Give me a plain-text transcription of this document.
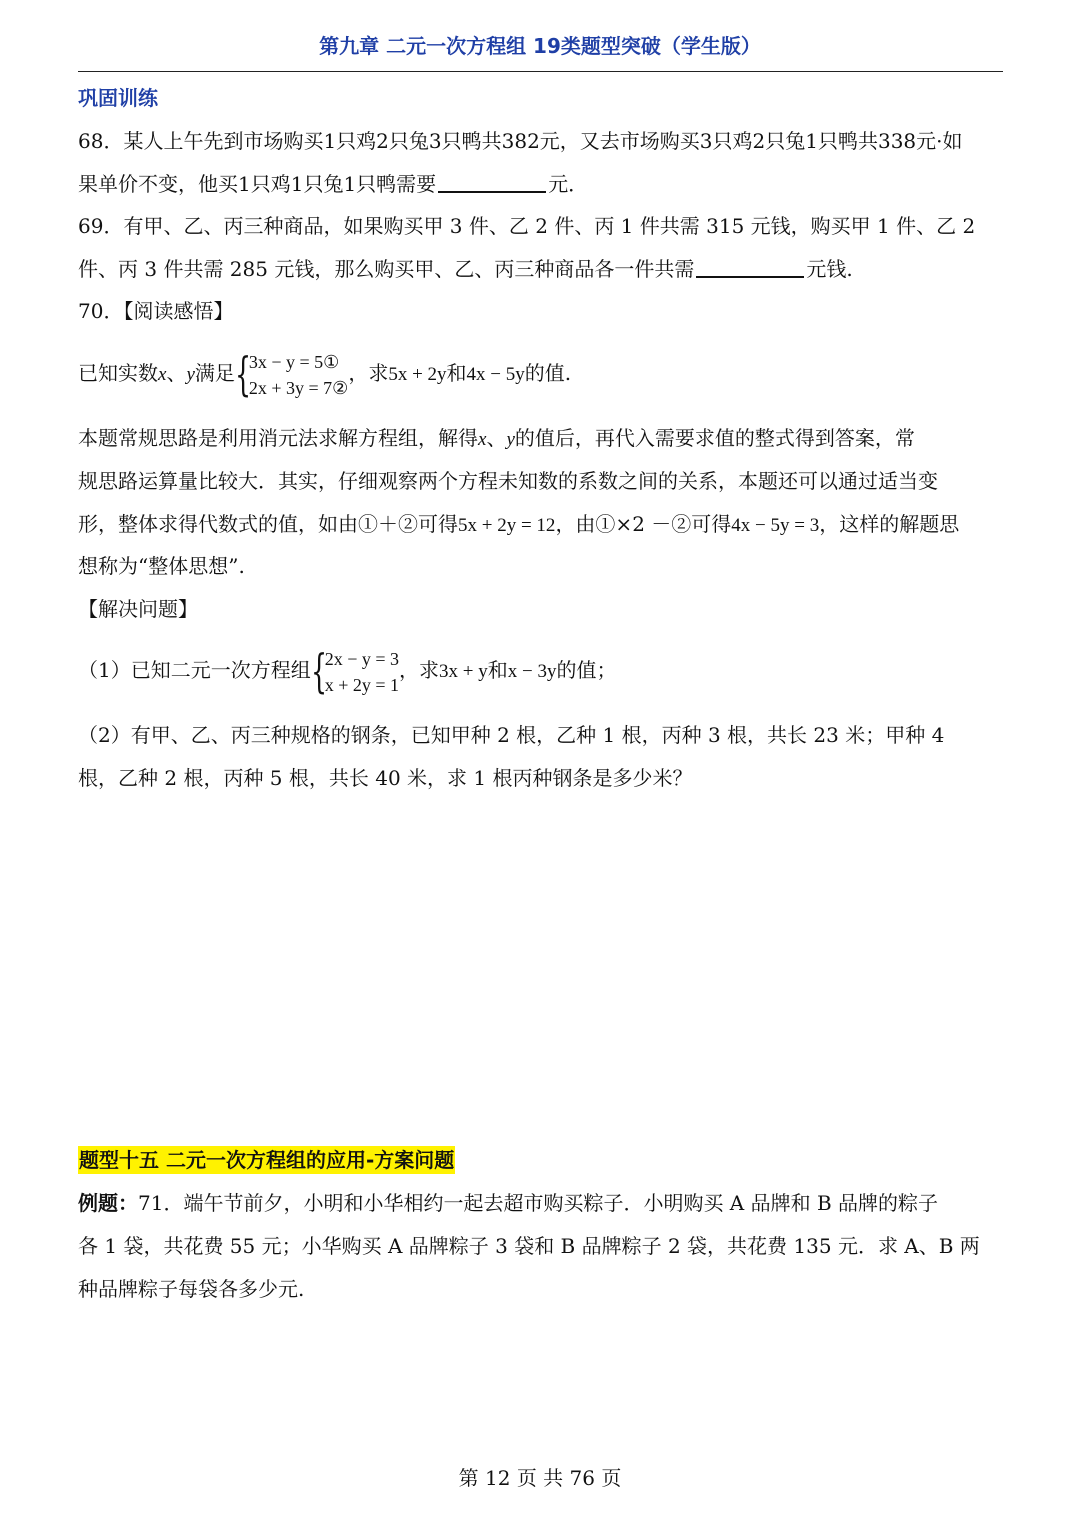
第九章 二元一次方程组 19类题型突破（学生版）
巩固训练
68．某人上午先到市场购买1只鸡2只兔3只鸭共382元，又去市场购买3只鸡2只兔1只鸭共338元·如
果单价不变，他买1只鸡1只兔1只鸭需要	元．
69．有甲、乙、丙三种商品，如果购买甲 3 件、乙 2 件、丙 1 件共需 315 元钱，购买甲 1 件、乙 2
件、丙 3 件共需 285 元钱，那么购买甲、乙、丙三种商品各一件共需	元钱.
70．【阅读感悟】
已知实数x、y满足 {
3x − y = 5①
2x + 3y = 7②
，求5x + 2y和4x − 5y的值.
本题常规思路是利用消元法求解方程组，解得x、y的值后，再代入需要求值的整式得到答案，常
规思路运算量比较大．其实，仔细观察两个方程未知数的系数之间的关系，本题还可以通过适当变
形，整体求得代数式的值，如由①＋②可得5x + 2y = 12，由①×2 －②可得4x − 5y = 3，这样的解题思
想称为“整体思想”.
【解决问题】
（1）已知二元一次方程组 {
2x − y = 3
x + 2y = 1
，求3x + y和x − 3y的值；
（2）有甲、乙、丙三种规格的钢条，已知甲种 2 根，乙种 1 根，丙种 3 根，共长 23 米；甲种 4
根，乙种 2 根，丙种 5 根，共长 40 米，求 1 根丙种钢条是多少米？
题型十五 二元一次方程组的应用-方案问题
例题：71．端午节前夕，小明和小华相约一起去超市购买粽子．小明购买 A 品牌和 B 品牌的粽子
各 1 袋，共花费 55 元；小华购买 A 品牌粽子 3 袋和 B 品牌粽子 2 袋，共花费 135 元．求 A、B 两
种品牌粽子每袋各多少元.
第 12 页 共 76 页
